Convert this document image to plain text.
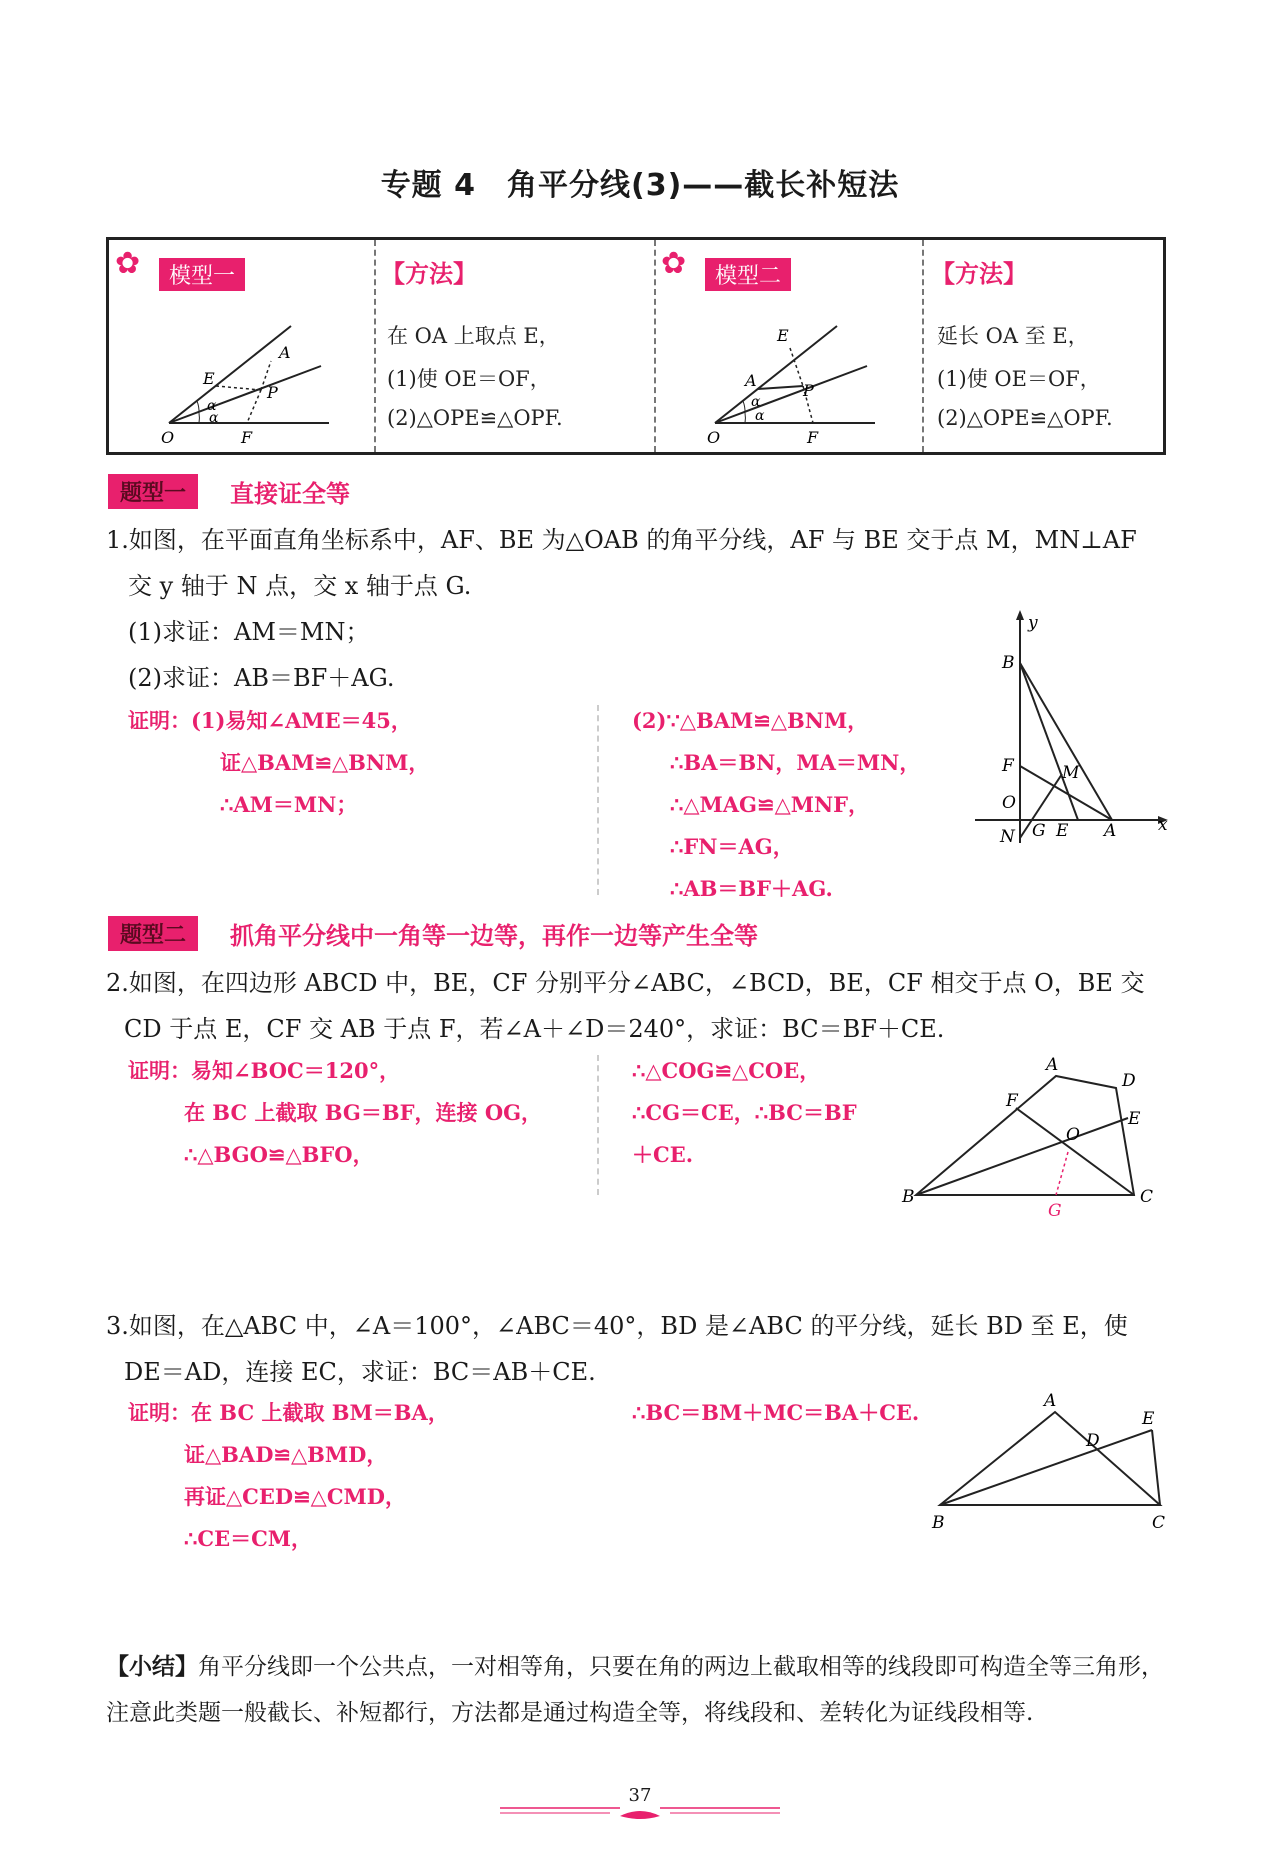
专题 4　角平分线(3)——截长补短法
✿	模型一
A
E
P
O	F
α
α
【方法】
在 OA 上取点 E，
(1)使 OE＝OF，
(2)△OPE≌△OPF.
✿	模型二
E
A
P
O	F
α
α
【方法】
延长 OA 至 E，
(1)使 OE＝OF，
(2)△OPE≌△OPF.
题型一	直接证全等
1.如图，在平面直角坐标系中，AF、BE 为△OAB 的角平分线，AF 与 BE 交于点 M，MN⊥AF
交 y 轴于 N 点，交 x 轴于点 G.
(1)求证：AM＝MN；
(2)求证：AB＝BF＋AG.
证明：(1)易知∠AME＝45，
证△BAM≌△BNM，
∴AM＝MN；
(2)∵△BAM≌△BNM，
∴BA＝BN，MA＝MN，
∴△MAG≌△MNF，
∴FN＝AG，
∴AB＝BF＋AG.
y
x
B
F	M
O
N G E A
题型二	抓角平分线中一角等一边等，再作一边等产生全等
2.如图，在四边形 ABCD 中，BE，CF 分别平分∠ABC，∠BCD，BE，CF 相交于点 O，BE 交
CD 于点 E，CF 交 AB 于点 F，若∠A＋∠D＝240°，求证：BC＝BF＋CE.
证明：易知∠BOC＝120°，
在 BC 上截取 BG＝BF，连接 OG，
∴△BGO≌△BFO，
∴△COG≌△COE，
∴CG＝CE，∴BC＝BF
＋CE.
A
D
F
E
O
B	C
G
3.如图，在△ABC 中，∠A＝100°，∠ABC＝40°，BD 是∠ABC 的平分线，延长 BD 至 E，使
DE＝AD，连接 EC，求证：BC＝AB＋CE.
证明：在 BC 上截取 BM＝BA，
证△BAD≌△BMD，
再证△CED≌△CMD，
∴CE＝CM，
∴BC＝BM＋MC＝BA＋CE.	A
D
E
B	C
【小结】角平分线即一个公共点，一对相等角，只要在角的两边上截取相等的线段即可构造全等三角形，注意此类题一般截长、补短都行，方法都是通过构造全等，将线段和、差转化为证线段相等.
37
